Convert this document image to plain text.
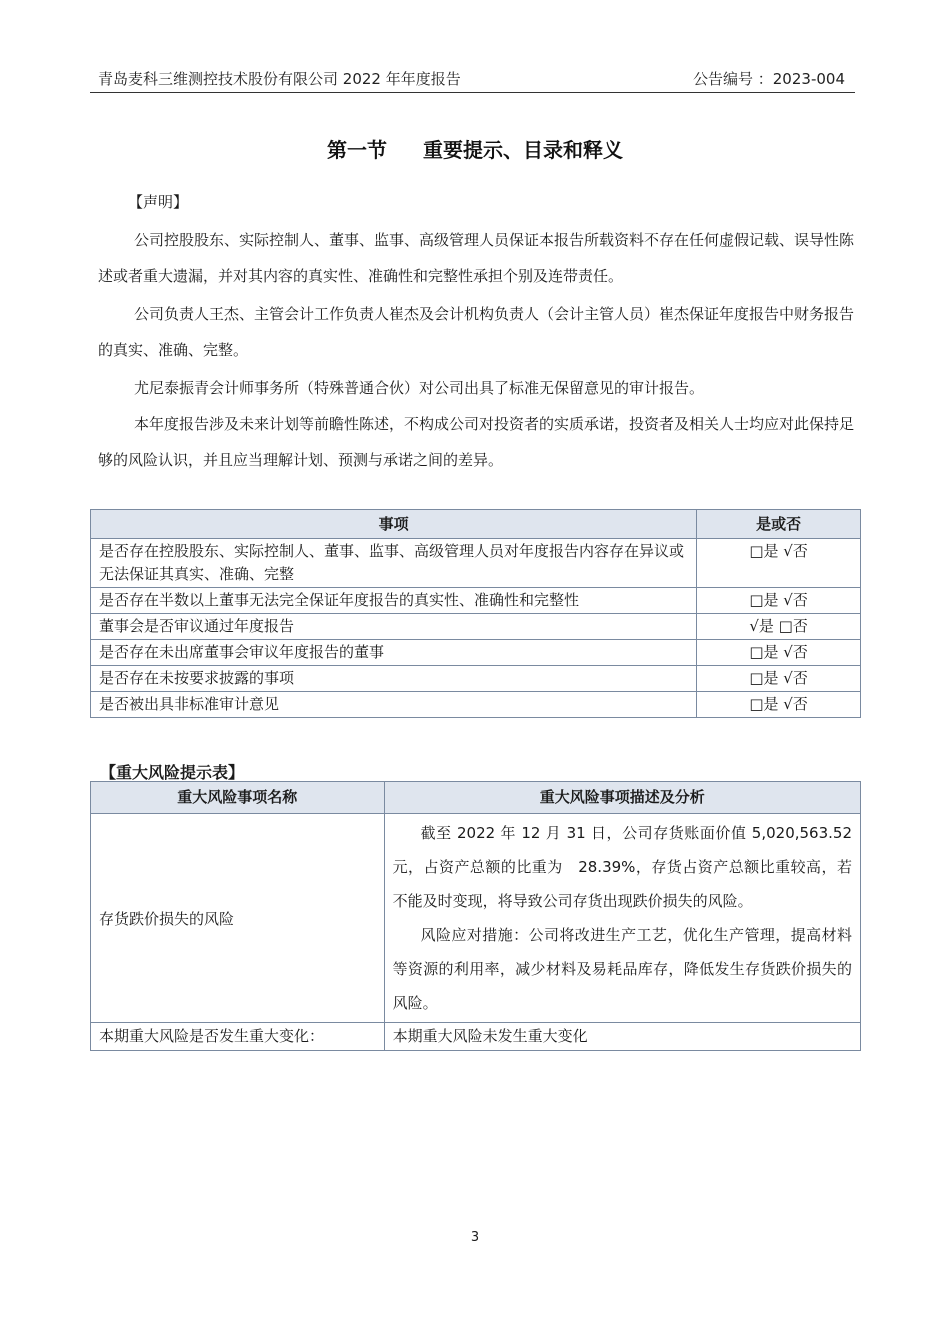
青岛麦科三维测控技术股份有限公司 2022 年年度报告	公告编号 ：2023-004
第一节 重要提示、目录和释义
【声明】
公司控股股东、实际控制人、董事、监事、高级管理人员保证本报告所载资料不存在任何虚假记载、误导性陈述或者重大遗漏，并对其内容的真实性、准确性和完整性承担个别及连带责任。
公司负责人王杰、主管会计工作负责人崔杰及会计机构负责人（会计主管人员）崔杰保证年度报告中财务报告的真实、准确、完整。
尤尼泰振青会计师事务所（特殊普通合伙）对公司出具了标准无保留意见的审计报告。
本年度报告涉及未来计划等前瞻性陈述，不构成公司对投资者的实质承诺，投资者及相关人士均应对此保持足够的风险认识，并且应当理解计划、预测与承诺之间的差异。
事项	是或否
是否存在控股股东、实际控制人、董事、监事、高级管理人员对年度报告内容存在异议或无法保证其真实、准确、完整	□是 √否
是否存在半数以上董事无法完全保证年度报告的真实性、准确性和完整性	□是 √否
董事会是否审议通过年度报告	√是 □否
是否存在未出席董事会审议年度报告的董事	□是 √否
是否存在未按要求披露的事项	□是 √否
是否被出具非标准审计意见	□是 √否
【重大风险提示表】
重大风险事项名称	重大风险事项描述及分析
存货跌价损失的风险	截至 2022 年 12 月 31 日，公司存货账面价值 5,020,563.52 元，占资产总额的比重为　28.39%，存货占资产总额比重较高，若不能及时变现，将导致公司存货出现跌价损失的风险。

风险应对措施：公司将改进生产工艺，优化生产管理，提高材料等资源的利用率，减少材料及易耗品库存，降低发生存货跌价损失的风险。

本期重大风险是否发生重大变化：	本期重大风险未发生重大变化
3
